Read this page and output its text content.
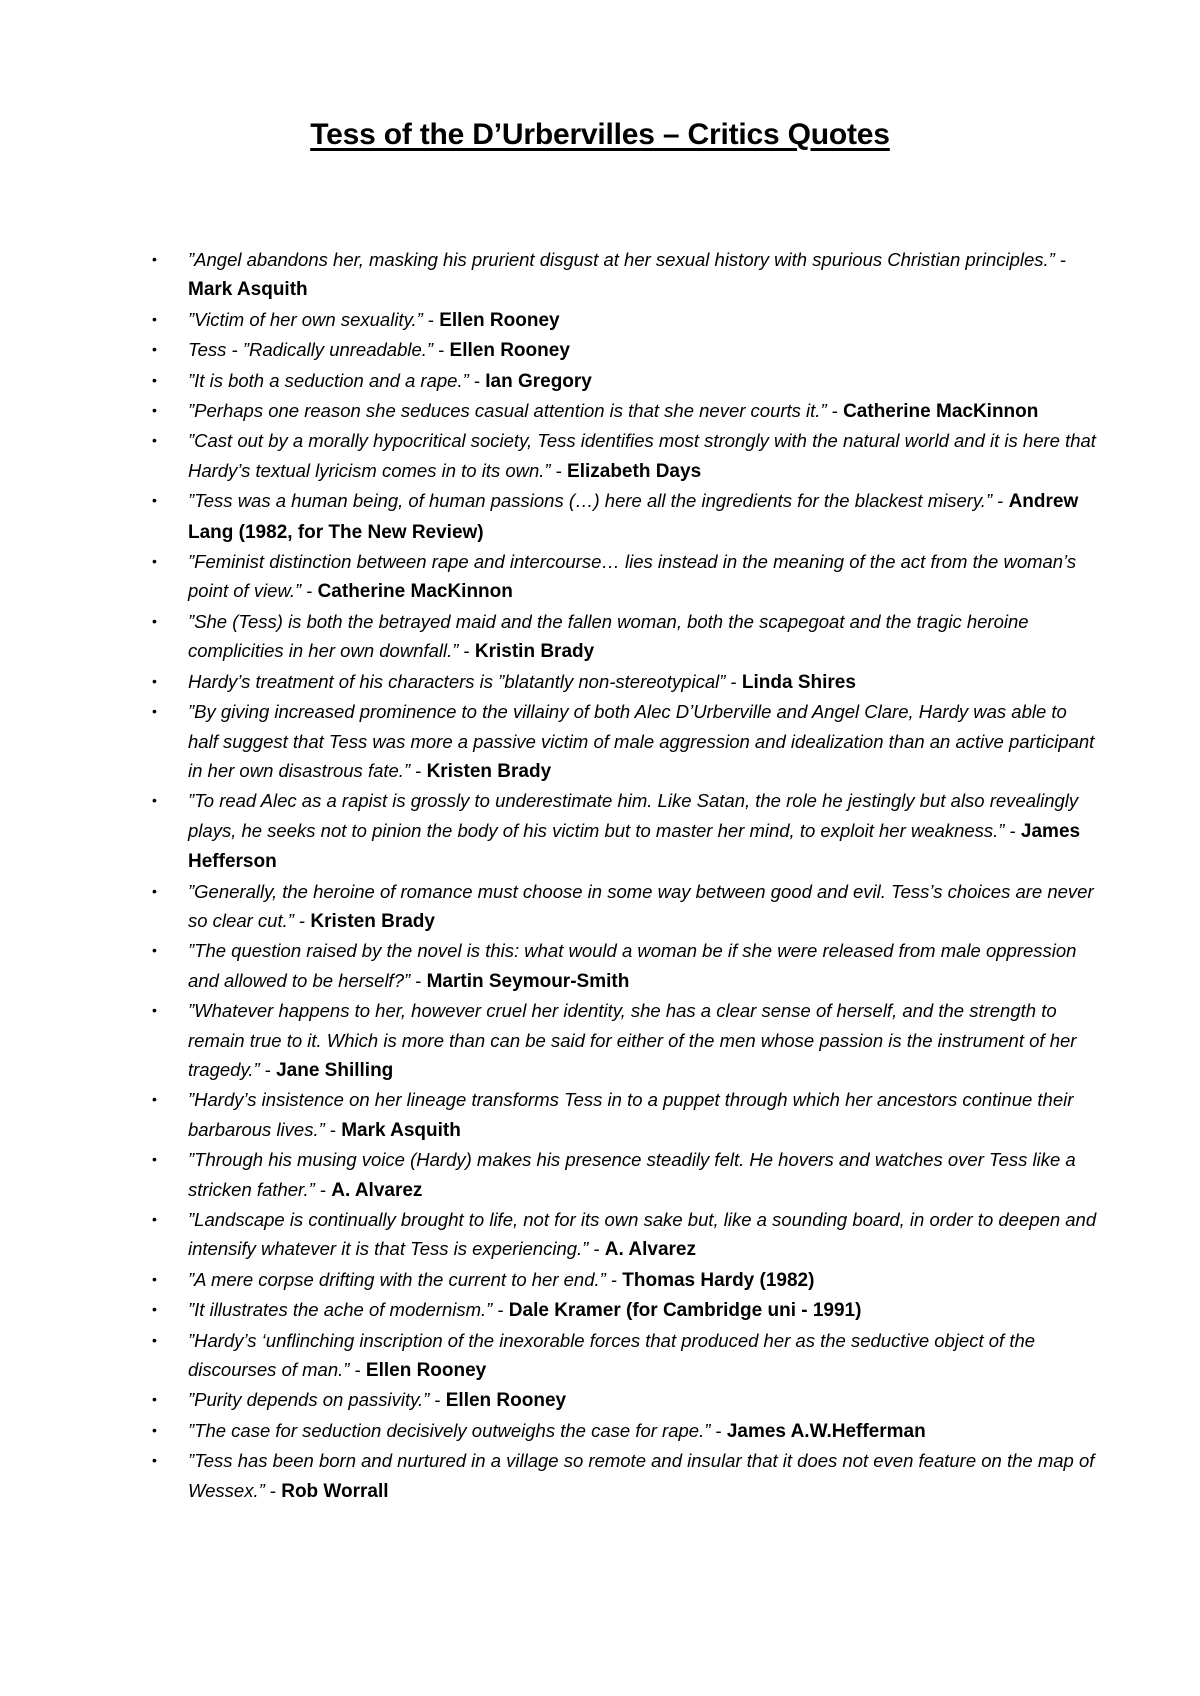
Tess of the D’Urbervilles – Critics Quotes
• ”Angel abandons her, masking his prurient disgust at her sexual history with spurious Christian principles.” - Mark Asquith
• ”Victim of her own sexuality.” - Ellen Rooney
• Tess - ”Radically unreadable.” - Ellen Rooney
• ”It is both a seduction and a rape.” - Ian Gregory
• ”Perhaps one reason she seduces casual attention is that she never courts it.” - Catherine MacKinnon
• ”Cast out by a morally hypocritical society, Tess identifies most strongly with the natural world and it is here that Hardy’s textual lyricism comes in to its own.” - Elizabeth Days
• ”Tess was a human being, of human passions (…) here all the ingredients for the blackest misery.” - Andrew Lang (1982, for The New Review)
• ”Feminist distinction between rape and intercourse… lies instead in the meaning of the act from the woman’s point of view.” - Catherine MacKinnon
• ”She (Tess) is both the betrayed maid and the fallen woman, both the scapegoat and the tragic heroine complicities in her own downfall.” - Kristin Brady
• Hardy’s treatment of his characters is ”blatantly non-stereotypical” - Linda Shires
• ”By giving increased prominence to the villainy of both Alec D’Urberville and Angel Clare, Hardy was able to half suggest that Tess was more a passive victim of male aggression and idealization than an active participant in her own disastrous fate.” - Kristen Brady
• ”To read Alec as a rapist is grossly to underestimate him. Like Satan, the role he jestingly but also revealingly plays, he seeks not to pinion the body of his victim but to master her mind, to exploit her weakness.” - James Hefferson
• ”Generally, the heroine of romance must choose in some way between good and evil. Tess’s choices are never so clear cut.” - Kristen Brady
• ”The question raised by the novel is this: what would a woman be if she were released from male oppression and allowed to be herself?” - Martin Seymour-Smith
• ”Whatever happens to her, however cruel her identity, she has a clear sense of herself, and the strength to remain true to it. Which is more than can be said for either of the men whose passion is the instrument of her tragedy.” - Jane Shilling
• ”Hardy’s insistence on her lineage transforms Tess in to a puppet through which her ancestors continue their barbarous lives.” - Mark Asquith
• ”Through his musing voice (Hardy) makes his presence steadily felt. He hovers and watches over Tess like a stricken father.” - A. Alvarez
• ”Landscape is continually brought to life, not for its own sake but, like a sounding board, in order to deepen and intensify whatever it is that Tess is experiencing.” - A. Alvarez
• ”A mere corpse drifting with the current to her end.” - Thomas Hardy (1982)
• ”It illustrates the ache of modernism.” - Dale Kramer (for Cambridge uni - 1991)
• ”Hardy’s ‘unflinching inscription of the inexorable forces that produced her as the seductive object of the discourses of man.” - Ellen Rooney
• ”Purity depends on passivity.” - Ellen Rooney
• ”The case for seduction decisively outweighs the case for rape.” - James A.W.Hefferman
• ”Tess has been born and nurtured in a village so remote and insular that it does not even feature on the map of Wessex.” - Rob Worrall
